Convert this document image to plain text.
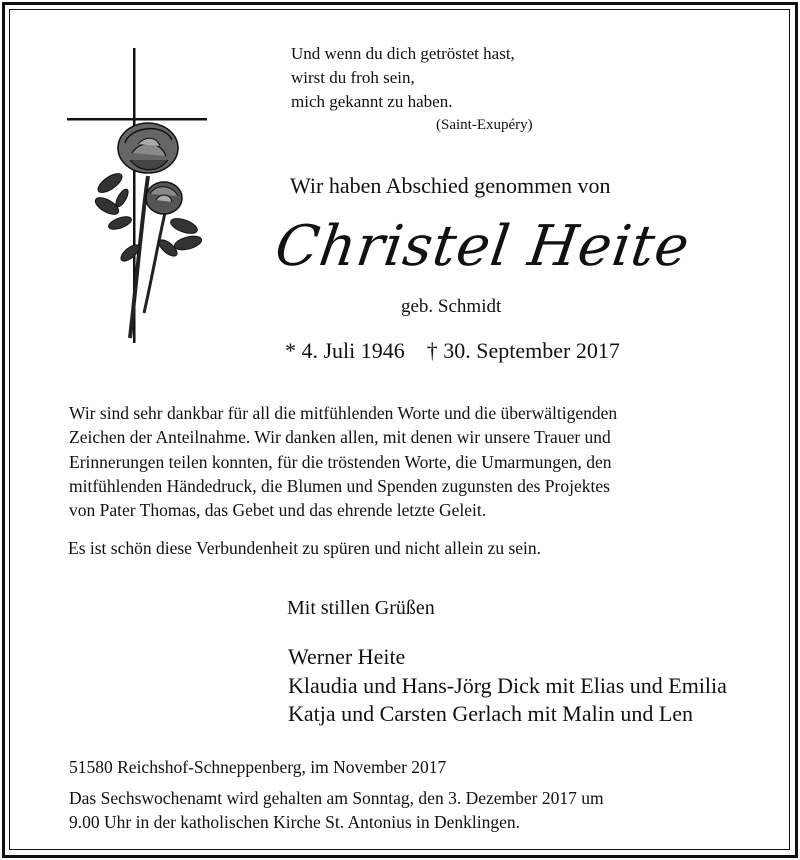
Und wenn du dich getröstet hast,
wirst du froh sein,
mich gekannt zu haben.
(Saint-Exupéry)
Wir haben Abschied genommen von
Christel Heite
geb. Schmidt
* 4. Juli 1946 † 30. September 2017

Wir sind sehr dankbar für all die mitfühlenden Worte und die überwältigenden

Zeichen der Anteilnahme. Wir danken allen, mit denen wir unsere Trauer und

Erinnerungen teilen konnten, für die tröstenden Worte, die Umarmungen, den

mitfühlenden Händedruck, die Blumen und Spenden zugunsten des Projektes

von Pater Thomas, das Gebet und das ehrende letzte Geleit.

Es ist schön diese Verbundenheit zu spüren und nicht allein zu sein.
Mit stillen Grüßen
Werner Heite
Klaudia und Hans-Jörg Dick mit Elias und Emilia
Katja und Carsten Gerlach mit Malin und Len
51580 Reichshof-Schneppenberg, im November 2017
Das Sechswochenamt wird gehalten am Sonntag, den 3. Dezember 2017 um
9.00 Uhr in der katholischen Kirche St. Antonius in Denklingen.
